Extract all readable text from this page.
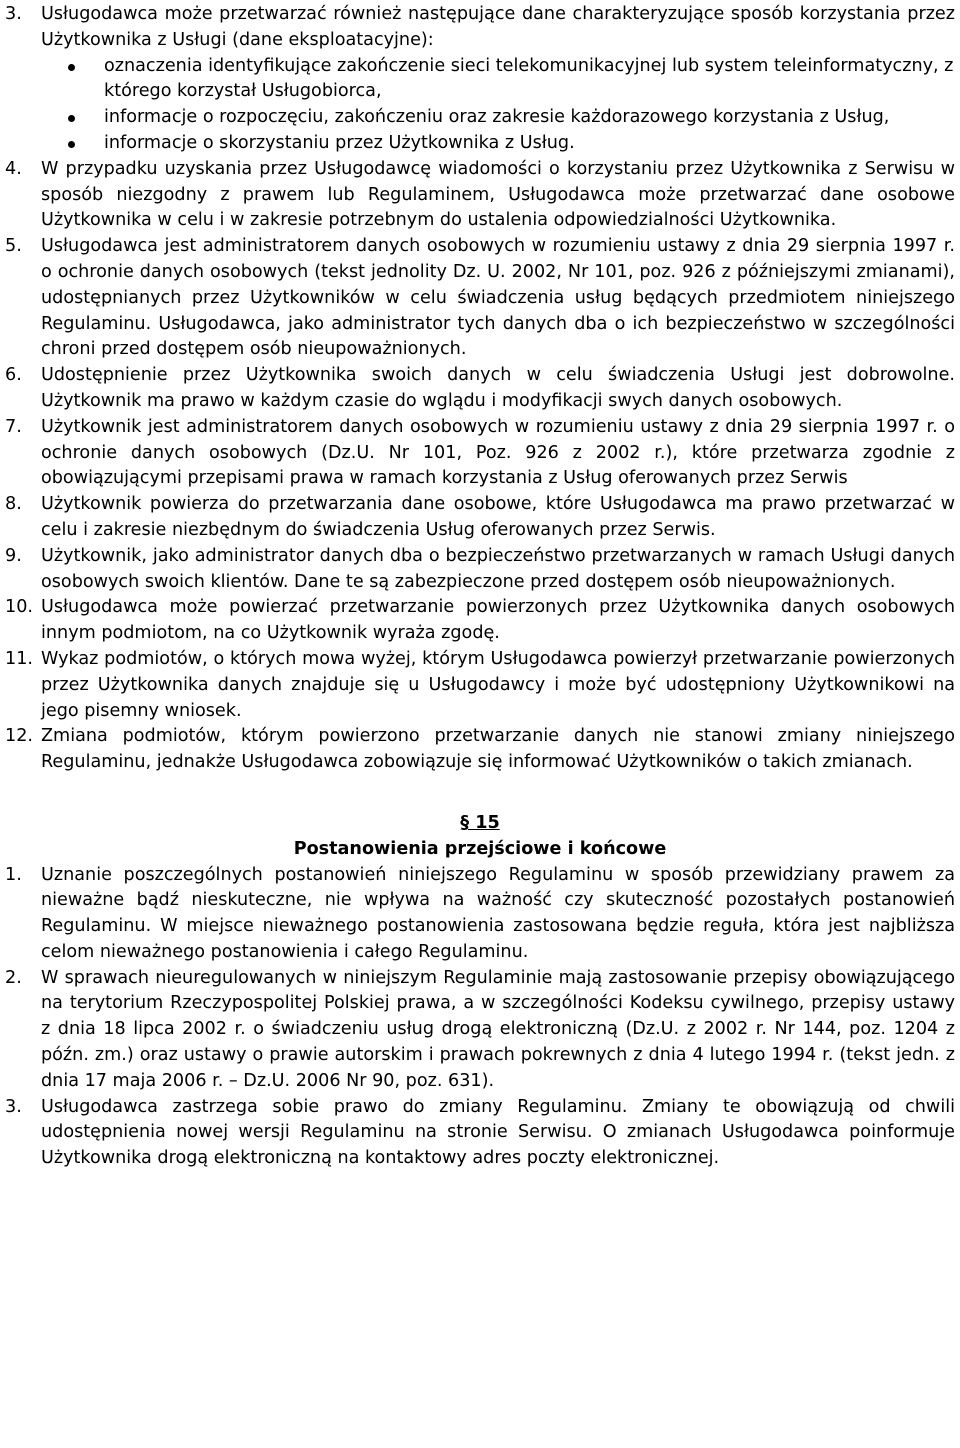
3. Usługodawca może przetwarzać również następujące dane charakteryzujące sposób korzystania przez Użytkownika z Usługi (dane eksploatacyjne):
oznaczenia identyfikujące zakończenie sieci telekomunikacyjnej lub system teleinformatyczny, z którego korzystał Usługobiorca,
informacje o rozpoczęciu, zakończeniu oraz zakresie każdorazowego korzystania z Usług,
informacje o skorzystaniu przez Użytkownika z Usług.
4. W przypadku uzyskania przez Usługodawcę wiadomości o korzystaniu przez Użytkownika z Serwisu w sposób niezgodny z prawem lub Regulaminem, Usługodawca może przetwarzać dane osobowe Użytkownika w celu i w zakresie potrzebnym do ustalenia odpowiedzialności Użytkownika.
5. Usługodawca jest administratorem danych osobowych w rozumieniu ustawy z dnia 29 sierpnia 1997 r. o ochronie danych osobowych (tekst jednolity Dz. U. 2002, Nr 101, poz. 926 z późniejszymi zmianami), udostępnianych przez Użytkowników w celu świadczenia usług będących przedmiotem niniejszego Regulaminu. Usługodawca, jako administrator tych danych dba o ich bezpieczeństwo w szczególności chroni przed dostępem osób nieupoważnionych.
6. Udostępnienie przez Użytkownika swoich danych w celu świadczenia Usługi jest dobrowolne. Użytkownik ma prawo w każdym czasie do wglądu i modyfikacji swych danych osobowych.
7. Użytkownik jest administratorem danych osobowych w rozumieniu ustawy z dnia 29 sierpnia 1997 r. o ochronie danych osobowych (Dz.U. Nr 101, Poz. 926 z 2002 r.), które przetwarza zgodnie z obowiązującymi przepisami prawa w ramach korzystania z Usług oferowanych przez Serwis
8. Użytkownik powierza do przetwarzania dane osobowe, które Usługodawca ma prawo przetwarzać w celu i zakresie niezbędnym do świadczenia Usług oferowanych przez Serwis.
9. Użytkownik, jako administrator danych dba o bezpieczeństwo przetwarzanych w ramach Usługi danych osobowych swoich klientów. Dane te są zabezpieczone przed dostępem osób nieupoważnionych.
10. Usługodawca może powierzać przetwarzanie powierzonych przez Użytkownika danych osobowych innym podmiotom, na co Użytkownik wyraża zgodę.
11. Wykaz podmiotów, o których mowa wyżej, którym Usługodawca powierzył przetwarzanie powierzonych przez Użytkownika danych znajduje się u Usługodawcy i może być udostępniony Użytkownikowi na jego pisemny wniosek.
12. Zmiana podmiotów, którym powierzono przetwarzanie danych nie stanowi zmiany niniejszego Regulaminu, jednakże Usługodawca zobowiązuje się informować Użytkowników o takich zmianach.
§ 15
Postanowienia przejściowe i końcowe
1. Uznanie poszczególnych postanowień niniejszego Regulaminu w sposób przewidziany prawem za nieważne bądź nieskuteczne, nie wpływa na ważność czy skuteczność pozostałych postanowień Regulaminu. W miejsce nieważnego postanowienia zastosowana będzie reguła, która jest najbliższa celom nieważnego postanowienia i całego Regulaminu.
2. W sprawach nieuregulowanych w niniejszym Regulaminie mają zastosowanie przepisy obowiązującego na terytorium Rzeczypospolitej Polskiej prawa, a w szczególności Kodeksu cywilnego, przepisy ustawy z dnia 18 lipca 2002 r. o świadczeniu usług drogą elektroniczną (Dz.U. z 2002 r. Nr 144, poz. 1204 z późn. zm.) oraz ustawy o prawie autorskim i prawach pokrewnych z dnia 4 lutego 1994 r. (tekst jedn. z dnia 17 maja 2006 r. – Dz.U. 2006 Nr 90, poz. 631).
3. Usługodawca zastrzega sobie prawo do zmiany Regulaminu. Zmiany te obowiązują od chwili udostępnienia nowej wersji Regulaminu na stronie Serwisu. O zmianach Usługodawca poinformuje Użytkownika drogą elektroniczną na kontaktowy adres poczty elektronicznej.
